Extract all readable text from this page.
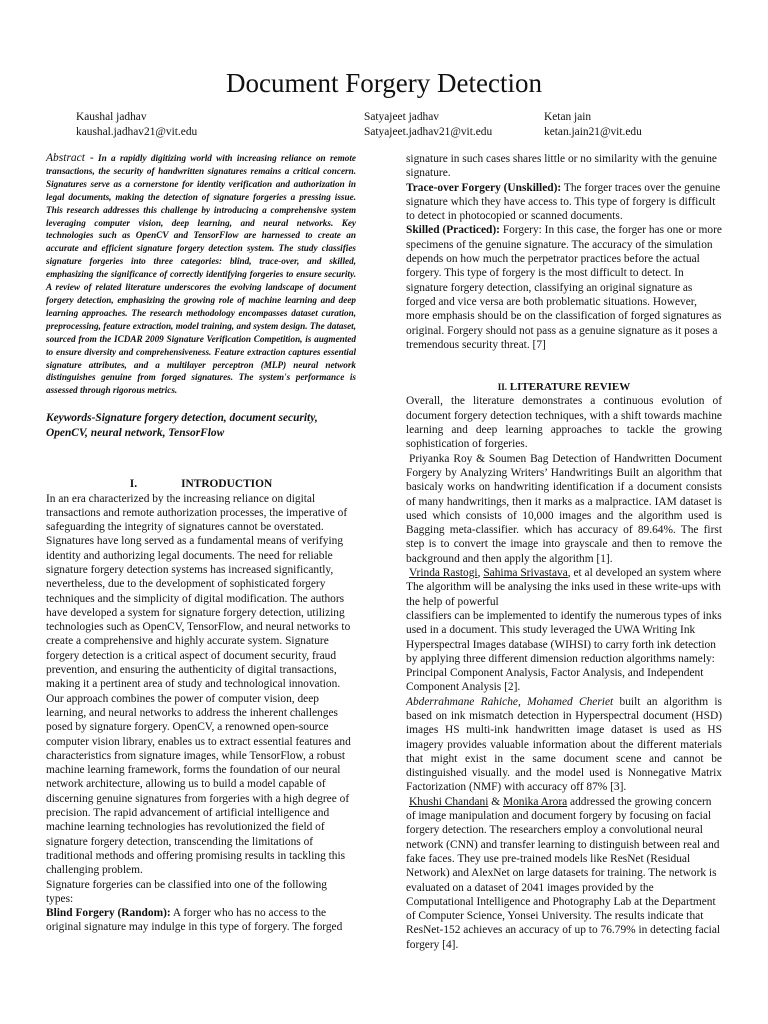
Document Forgery Detection
Kaushal jadhav
kaushal.jadhav21@vit.edu
Satyajeet jadhav
Satyajeet.jadhav21@vit.edu
Ketan jain
ketan.jain21@vit.edu

Abstract - In a rapidly digitizing world with increasing reliance on remote transactions, the security of handwritten signatures remains a critical concern. Signatures serve as a cornerstone for identity verification and authorization in legal documents, making the detection of signature forgeries a pressing issue. This research addresses this challenge by introducing a comprehensive system leveraging computer vision, deep learning, and neural networks. Key technologies such as OpenCV and TensorFlow are harnessed to create an accurate and efficient signature forgery detection system. The study classifies signature forgeries into three categories: blind, trace-over, and skilled, emphasizing the significance of correctly identifying forgeries to ensure security. A review of related literature underscores the evolving landscape of document forgery detection, emphasizing the growing role of machine learning and deep learning approaches. The research methodology encompasses dataset curation, preprocessing, feature extraction, model training, and system design. The dataset, sourced from the ICDAR 2009 Signature Verification Competition, is augmented to ensure diversity and comprehensiveness. Feature extraction captures essential signature attributes, and a multilayer perceptron (MLP) neural network distinguishes genuine from forged signatures. The system's performance is assessed through rigorous metrics.

Keywords-Signature forgery detection, document security, OpenCV, neural network, TensorFlow

I.	INTRODUCTION

In an era characterized by the increasing reliance on digital transactions and remote authorization processes, the imperative of safeguarding the integrity of signatures cannot be overstated. Signatures have long served as a fundamental means of verifying identity and authorizing legal documents. The need for reliable signature forgery detection systems has increased significantly, nevertheless, due to the development of sophisticated forgery techniques and the simplicity of digital modification. The authors have developed a system for signature forgery detection, utilizing technologies such as OpenCV, TensorFlow, and neural networks to create a comprehensive and highly accurate system. Signature forgery detection is a critical aspect of document security, fraud prevention, and ensuring the authenticity of digital transactions, making it a pertinent area of study and technological innovation. Our approach combines the power of computer vision, deep learning, and neural networks to address the inherent challenges posed by signature forgery. OpenCV, a renowned open-source computer vision library, enables us to extract essential features and characteristics from signature images, while TensorFlow, a robust machine learning framework, forms the foundation of our neural network architecture, allowing us to build a model capable of discerning genuine signatures from forgeries with a high degree of precision. The rapid advancement of artificial intelligence and machine learning technologies has revolutionized the field of signature forgery detection, transcending the limitations of traditional methods and offering promising results in tackling this challenging problem.

Signature forgeries can be classified into one of the following types:

Blind Forgery (Random): A forger who has no access to the original signature may indulge in this type of forgery. The forged

signature in such cases shares little or no similarity with the genuine signature.

Trace-over Forgery (Unskilled): The forger traces over the genuine signature which they have access to. This type of forgery is difficult to detect in photocopied or scanned documents.

Skilled (Practiced): Forgery: In this case, the forger has one or more specimens of the genuine signature. The accuracy of the simulation depends on how much the perpetrator practices before the actual forgery. This type of forgery is the most difficult to detect. In signature forgery detection, classifying an original signature as forged and vice versa are both problematic situations. However, more emphasis should be on the classification of forged signatures as original. Forgery should not pass as a genuine signature as it poses a tremendous security threat. [7]

II. LITERATURE REVIEW

Overall, the literature demonstrates a continuous evolution of document forgery detection techniques, with a shift towards machine learning and deep learning approaches to tackle the growing sophistication of forgeries.

Priyanka Roy & Soumen Bag Detection of Handwritten Document Forgery by Analyzing Writers’ Handwritings Built an algorithm that basicaly works on handwriting identification if a document consists of many handwritings, then it marks as a malpractice. IAM dataset is used which consists of 10,000 images and the algorithm used is Bagging meta-classifier. which has accuracy of 89.64%. The first step is to convert the image into grayscale and then to remove the background and then apply the algorithm [1].

Vrinda Rastogi, Sahima Srivastava, et al developed an system where The algorithm will be analysing the inks used in these write-ups with the help of powerful

classifiers can be implemented to identify the numerous types of inks used in a document. This study leveraged the UWA Writing Ink Hyperspectral Images database (WIHSI) to carry forth ink detection by applying three different dimension reduction algorithms namely: Principal Component Analysis, Factor Analysis, and Independent Component Analysis [2].

Abderrahmane Rahiche, Mohamed Cheriet built an algorithm is based on ink mismatch detection in Hyperspectral document (HSD) images HS multi-ink handwritten image dataset is used as HS imagery provides valuable information about the different materials that might exist in the same document scene and cannot be distinguished visually. and the model used is Nonnegative Matrix Factorization (NMF) with accuracy off 87% [3].

Khushi Chandani & Monika Arora addressed the growing concern of image manipulation and document forgery by focusing on facial forgery detection. The researchers employ a convolutional neural network (CNN) and transfer learning to distinguish between real and fake faces. They use pre-trained models like ResNet (Residual Network) and AlexNet on large datasets for training. The network is evaluated on a dataset of 2041 images provided by the Computational Intelligence and Photography Lab at the Department of Computer Science, Yonsei University. The results indicate that ResNet-152 achieves an accuracy of up to 76.79% in detecting facial forgery [4].
